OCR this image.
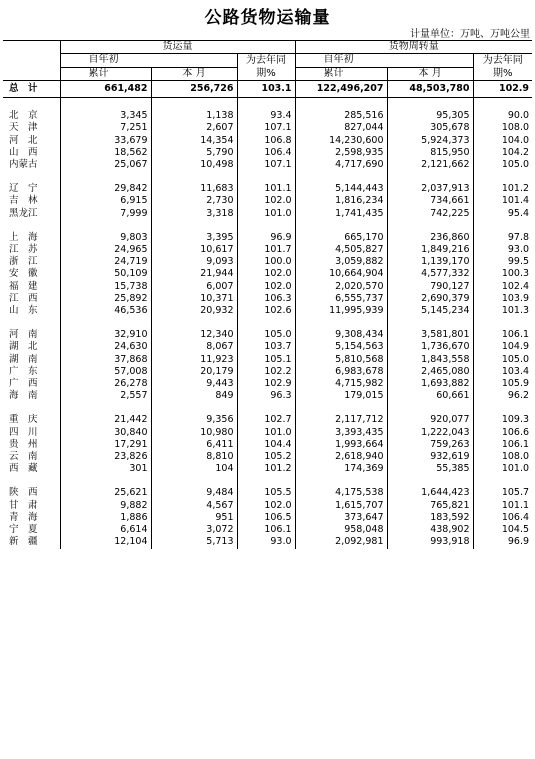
公路货物运输量
计量单位：万吨、万吨公里
	货运量			货物周转量		
	自年初		为去年同期%	自年初		为去年同期%
	累计	本 月		累计	本 月	
总　计	661,482	256,726	103.1	122,496,207	48,503,780	102.9

北　京	3,345	1,138	93.4	285,516	95,305	90.0
天　津	7,251	2,607	107.1	827,044	305,678	108.0
河　北	33,679	14,354	106.8	14,230,600	5,924,373	104.0
山　西	18,562	5,790	106.4	2,598,935	815,950	104.2
内蒙古	25,067	10,498	107.1	4,717,690	2,121,662	105.0

辽　宁	29,842	11,683	101.1	5,144,443	2,037,913	101.2
吉　林	6,915	2,730	102.0	1,816,234	734,661	101.4
黑龙江	7,999	3,318	101.0	1,741,435	742,225	95.4

上　海	9,803	3,395	96.9	665,170	236,860	97.8
江　苏	24,965	10,617	101.7	4,505,827	1,849,216	93.0
浙　江	24,719	9,093	100.0	3,059,882	1,139,170	99.5
安　徽	50,109	21,944	102.0	10,664,904	4,577,332	100.3
福　建	15,738	6,007	102.0	2,020,570	790,127	102.4
江　西	25,892	10,371	106.3	6,555,737	2,690,379	103.9
山　东	46,536	20,932	102.6	11,995,939	5,145,234	101.3

河　南	32,910	12,340	105.0	9,308,434	3,581,801	106.1
湖　北	24,630	8,067	103.7	5,154,563	1,736,670	104.9
湖　南	37,868	11,923	105.1	5,810,568	1,843,558	105.0
广　东	57,008	20,179	102.2	6,983,678	2,465,080	103.4
广　西	26,278	9,443	102.9	4,715,982	1,693,882	105.9
海　南	2,557	849	96.3	179,015	60,661	96.2

重　庆	21,442	9,356	102.7	2,117,712	920,077	109.3
四　川	30,840	10,980	101.0	3,393,435	1,222,043	106.6
贵　州	17,291	6,411	104.4	1,993,664	759,263	106.1
云　南	23,826	8,810	105.2	2,618,940	932,619	108.0
西　藏	301	104	101.2	174,369	55,385	101.0

陕　西	25,621	9,484	105.5	4,175,538	1,644,423	105.7
甘　肃	9,882	4,567	102.0	1,615,707	765,821	101.1
青　海	1,886	951	106.5	373,647	183,592	106.4
宁　夏	6,614	3,072	106.1	958,048	438,902	104.5
新　疆	12,104	5,713	93.0	2,092,981	993,918	96.9
